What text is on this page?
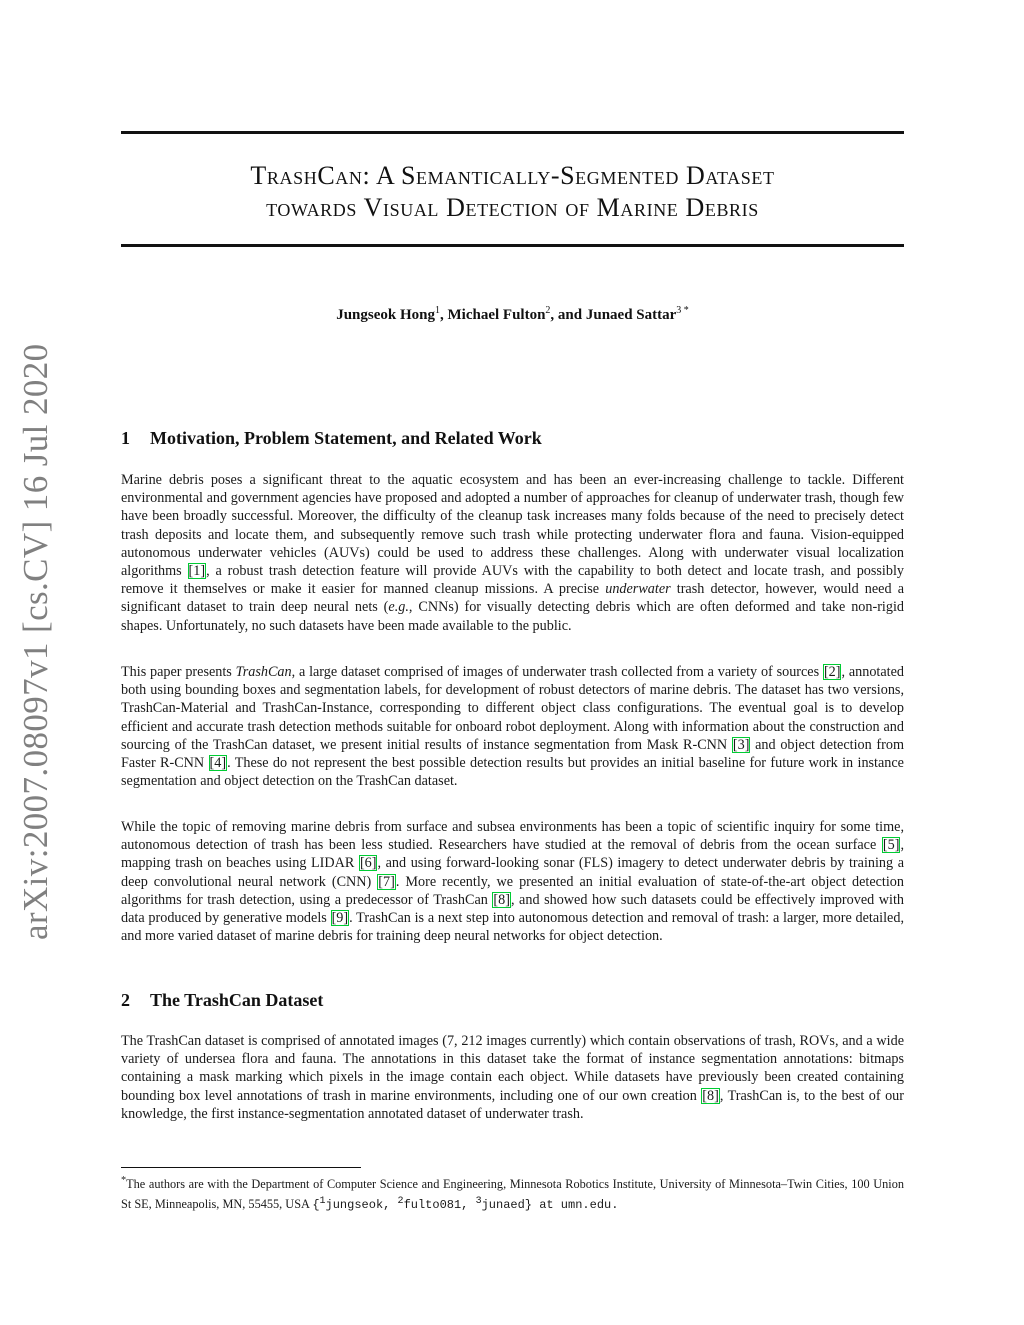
arXiv:2007.08097v1 [cs.CV] 16 Jul 2020
TrashCan: A Semantically-Segmented Dataset
towards Visual Detection of Marine Debris
Jungseok Hong$^1$, Michael Fulton$^2$, and Junaed Sattar$^{3 *}$
1 Motivation, Problem Statement, and Related Work

Marine debris poses a significant threat to the aquatic ecosystem and has been an ever-increasing challenge to tackle. Different environmental and government agencies have proposed and adopted a number of approaches for cleanup of underwater trash, though few have been broadly successful. Moreover, the difficulty of the cleanup task increases many folds because of the need to precisely detect trash deposits and locate them, and subsequently remove such trash while protecting underwater flora and fauna. Vision-equipped autonomous underwater vehicles (AUVs) could be used to address these challenges. Along with underwater visual localization algorithms [1], a robust trash detection feature will provide AUVs with the capability to both detect and locate trash, and possibly remove it themselves or make it easier for manned cleanup missions. A precise underwater trash detector, however, would need a significant dataset to train deep neural nets (e.g., CNNs) for visually detecting debris which are often deformed and take non-rigid shapes. Unfortunately, no such datasets have been made available to the public.

This paper presents TrashCan, a large dataset comprised of images of underwater trash collected from a variety of sources [2], annotated both using bounding boxes and segmentation labels, for development of robust detectors of marine debris. The dataset has two versions, TrashCan-Material and TrashCan-Instance, corresponding to different object class configurations. The eventual goal is to develop efficient and accurate trash detection methods suitable for onboard robot deployment. Along with information about the construction and sourcing of the TrashCan dataset, we present initial results of instance segmentation from Mask R-CNN [3] and object detection from Faster R-CNN [4]. These do not represent the best possible detection results but provides an initial baseline for future work in instance segmentation and object detection on the TrashCan dataset.

While the topic of removing marine debris from surface and subsea environments has been a topic of scientific inquiry for some time, autonomous detection of trash has been less studied. Researchers have studied at the removal of debris from the ocean surface [5], mapping trash on beaches using LIDAR [6], and using forward-looking sonar (FLS) imagery to detect underwater debris by training a deep convolutional neural network (CNN) [7]. More recently, we presented an initial evaluation of state-of-the-art object detection algorithms for trash detection, using a predecessor of TrashCan [8], and showed how such datasets could be effectively improved with data produced by generative models [9]. TrashCan is a next step into autonomous detection and removal of trash: a larger, more detailed, and more varied dataset of marine debris for training deep neural networks for object detection.

2 The TrashCan Dataset

The TrashCan dataset is comprised of annotated images (7, 212 images currently) which contain observations of trash, ROVs, and a wide variety of undersea flora and fauna. The annotations in this dataset take the format of instance segmentation annotations: bitmaps containing a mask marking which pixels in the image contain each object. While datasets have previously been created containing bounding box level annotations of trash in marine environments, including one of our own creation [8], TrashCan is, to the best of our knowledge, the first instance-segmentation annotated dataset of underwater trash.

*The authors are with the Department of Computer Science and Engineering, Minnesota Robotics Institute, University of Minnesota–Twin Cities, 100 Union St SE, Minneapolis, MN, 55455, USA {$^1$jungseok, $^2$fulto081, $^3$junaed} at umn.edu.
